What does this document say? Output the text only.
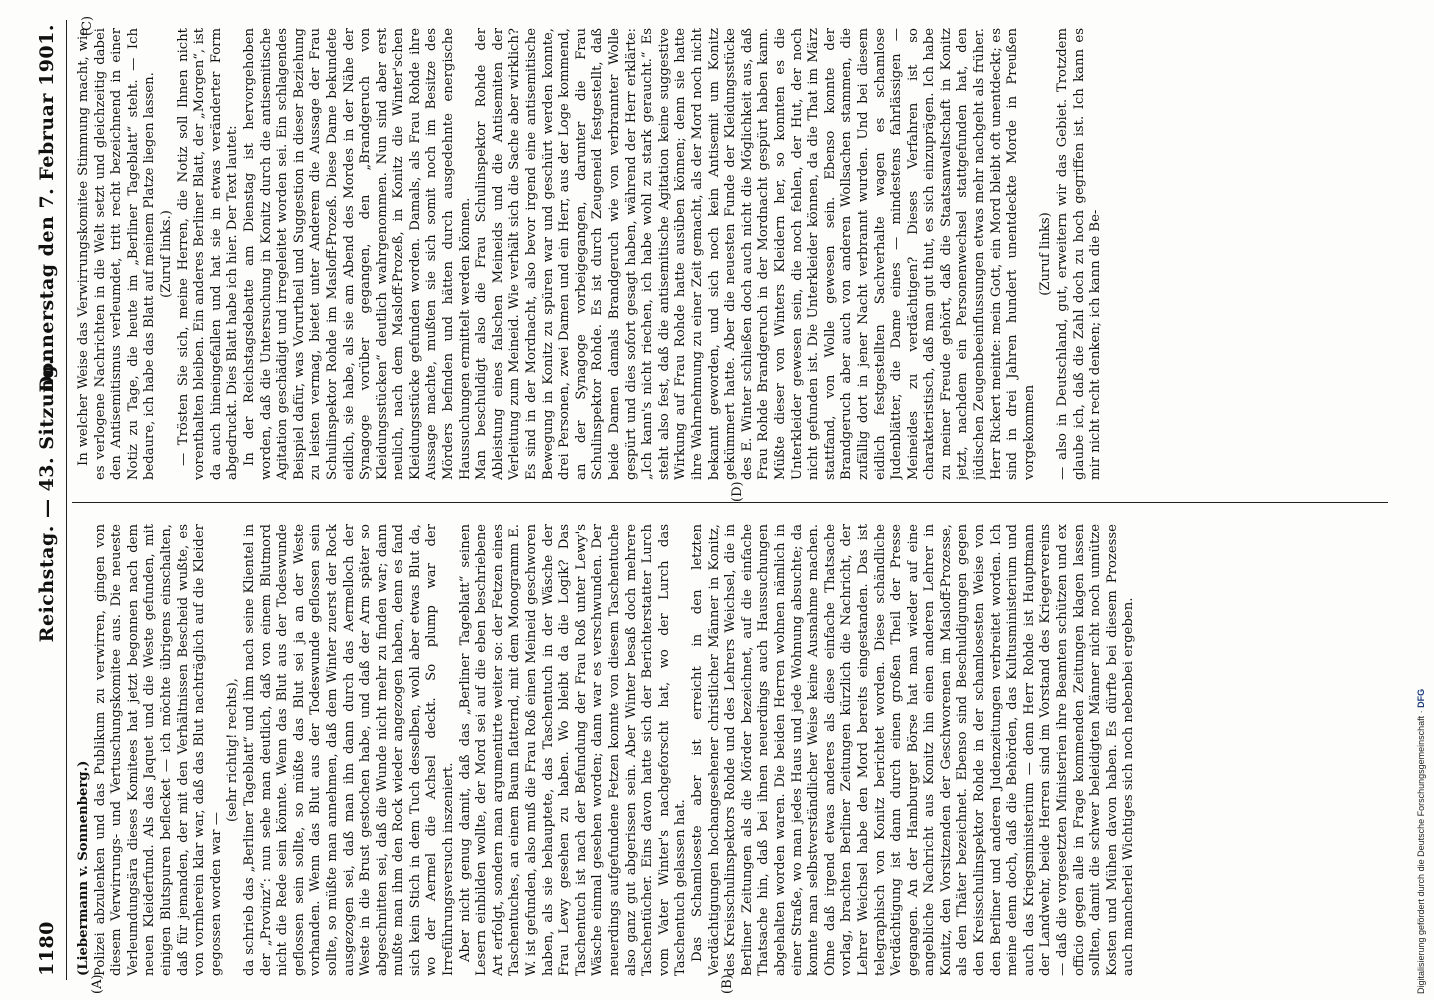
1180
Reichstag. — 43. Sitzung.
Donnerstag den 7. Februar 1901.

(Liebermann v. Sonnenberg.) Polizei abzulenken und das Publikum zu verwirren, gingen von diesem Verwirrungs- und Vertuschungskomitee aus. Die neueste Verleumdungsära dieses Komitees hat jetzt begonnen nach dem neuen Kleiderfund. Als das Jaquet und die Weste gefunden, mit einigen Blutspuren beflecket — ich möchte übrigens einschalten, daß für jemanden, der mit den Verhältnissen Bescheid wußte, es von vornherein klar war, daß das Blut nachträglich auf die Kleider gegossen worden war —

(sehr richtig! rechts), da schrieb das „Berliner Tageblatt“ und ihm nach seine Klientel in der „Provinz“: nun sehe man deutlich, daß von einem Blutmord nicht die Rede sein könnte. Wenn das Blut aus der Todeswunde geflossen sein sollte, so müßte das Blut sei ja an der Weste vorhanden. Wenn das Blut aus der Todeswunde geflossen sein sollte, so müßte man annehmen, daß dem Winter zuerst der Rock ausgezogen sei, daß man ihn dann durch das Aermelloch der Weste in die Brust gestochen habe, und daß der Arm später so abgeschnitten sei, daß die Wunde nicht mehr zu finden war; dann mußte man ihm den Rock wieder angezogen haben, denn es fand sich kein Stich in dem Tuch desselben, wohl aber etwas Blut da, wo der Aermel die Achsel deckt. So plump war der Irreführungsversuch inszeniert. Aber nicht genug damit, daß das „Berliner Tageblatt“ seinen Lesern einbilden wollte, der Mord sei auf die eben beschriebene Art erfolgt, sondern man argumentirte weiter so: der Fetzen eines Taschentuches, an einem Baum flatternd, mit dem Monogramm E. W. ist gefunden, also muß die Frau Roß einen Meineid geschworen haben, als sie behauptete, das Taschentuch in der Wäsche der Frau Lewy gesehen zu haben. Wo bleibt da die Logik? Das Taschentuch ist nach der Befundung der Frau Roß unter Lewy's Wäsche einmal gesehen worden; dann war es verschwunden. Der neuerdings aufgefundene Fetzen konnte von diesem Taschentuche also ganz gut abgerissen sein. Aber Winter besaß doch mehrere Taschentücher. Eins davon hatte sich der Berichterstatter Lurch vom Vater Winter's nachgeforscht hat, wo der Lurch das Taschentuch gelassen hat. Das Schamloseste aber ist erreicht in den letzten Verdächtigungen hochangesehener christlicher Männer in Konitz, des Kreisschulinspektors Rohde und des Lehrers Weichsel, die in Berliner Zeitungen als die Mörder bezeichnet, auf die einfache Thatsache hin, daß bei ihnen neuerdings auch Haussuchungen abgehalten worden waren. Die beiden Herren wohnen nämlich in einer Straße, wo man jedes Haus und jede Wohnung absuchte; da konnte man selbstverständlicher Weise keine Ausnahme machen. Ohne daß irgend etwas anderes als diese einfache Thatsache vorlag, brachten Berliner Zeitungen kürzlich die Nachricht, der Lehrer Weichsel habe den Mord bereits eingestanden. Das ist telegraphisch von Konitz berichtet worden. Diese schändliche Verdächtigung ist dann durch einen großen Theil der Presse gegangen. An der Hamburger Börse hat man wieder auf eine angebliche Nachricht aus Konitz hin einen anderen Lehrer in Konitz, den Vorsitzenden der Geschworenen im Masloff-Prozesse, als den Thäter bezeichnet. Ebenso sind Beschuldigungen gegen den Kreisschulinspektor Rohde in der schamlosesten Weise von den Berliner und anderen Judenzeitungen verbreitet worden. Ich meine denn doch, daß die Behörden, das Kultusministerium und auch das Kriegsministerium — denn Herr Rohde ist Hauptmann der Landwehr, beide Herren sind im Vorstand des Kriegervereins — daß die vorgesetzten Ministerien ihre Beamten schützen und ex officio gegen alle in Frage kommenden Zeitungen klagen lassen sollten, damit die schwer beleidigten Männer nicht noch unnütze Kosten und Mühen davon haben. Es dürfte bei diesem Prozesse auch mancherlei Wichtiges sich noch nebenbei ergeben.

In welcher Weise das Verwirrungskomitee Stimmung macht, wie es verlogene Nachrichten in die Welt setzt und gleichzeitig dabei den Antisemitismus verleumdet, tritt recht bezeichnend in einer Notiz zu Tage, die heute im „Berliner Tageblatt“ steht. — Ich bedaure, ich habe das Blatt auf meinem Platze liegen lassen. (Zuruf links.) — Trösten Sie sich, meine Herren, die Notiz soll Ihnen nicht vorenthalten bleiben. Ein anderes Berliner Blatt, der „Morgen“, ist da auch hineingefallen und hat sie in etwas veränderter Form abgedruckt. Dies Blatt habe ich hier. Der Text lautet: In der Reichstagsdebatte am Dienstag ist hervorgehoben worden, daß die Untersuchung in Konitz durch die antisemitische Agitation geschädigt und irregeleitet worden sei. Ein schlagendes Beispiel dafür, was Vorurtheil und Suggestion in dieser Beziehung zu leisten vermag, bietet unter Anderem die Aussage der Frau Schulinspektor Rohde im Masloff-Prozeß. Diese Dame bekundete eidlich, sie habe, als sie am Abend des Mordes in der Nähe der Synagoge vorüber gegangen, den „Brandgeruch von Kleidungsstücken“ deutlich wahrgenommen. Nun sind aber erst neulich, nach dem Masloff-Prozeß, in Konitz die Winter'schen Kleidungsstücke gefunden worden. Damals, als Frau Rohde ihre Aussage machte, mußten sie sich somit noch im Besitze des Mörders befinden und hätten durch ausgedehnte energische Haussuchungen ermittelt werden können. Man beschuldigt also die Frau Schulinspektor Rohde der Ableistung eines falschen Meineids und die Antisemiten der Verleitung zum Meineid. Wie verhält sich die Sache aber wirklich? Es sind in der Mordnacht, also bevor irgend eine antisemitische Bewegung in Konitz zu spüren war und geschürt werden konnte, drei Personen, zwei Damen und ein Herr, aus der Loge kommend, an der Synagoge vorbeigegangen, darunter die Frau Schulinspektor Rohde. Es ist durch Zeugeneid festgestellt, daß beide Damen damals Brandgeruch wie von verbrannter Wolle gespürt und dies sofort gesagt haben, während der Herr erklärte: „Ich kann's nicht riechen, ich habe wohl zu stark geraucht.“ Es steht also fest, daß die antisemitische Agitation keine suggestive Wirkung auf Frau Rohde hatte ausüben können; denn sie hatte ihre Wahrnehmung zu einer Zeit gemacht, als der Mord noch nicht bekannt geworden, und sich noch kein Antisemit um Konitz gekümmert hatte. Aber die neuesten Funde der Kleidungsstücke des E. Winter schließen doch auch nicht die Möglichkeit aus, daß Frau Rohde Brandgeruch in der Mordnacht gespürt haben kann. Müßte dieser von Winters Kleidern her, so konnten es die Unterkleider gewesen sein, die noch fehlen, der Hut, der noch nicht gefunden ist. Die Unterkleider können, da die That im März stattfand, von Wolle gewesen sein. Ebenso konnte der Brandgeruch aber auch von anderen Wollsachen stammen, die zufällig dort in jener Nacht verbrannt wurden. Und bei diesem eidlich festgestellten Sachverhalte wagen es schamlose Judenblätter, die Dame eines — mindestens fahrlässigen — Meineides zu verdächtigen? Dieses Verfahren ist so charakteristisch, daß man gut thut, es sich einzuprägen. Ich habe zu meiner Freude gehört, daß die Staatsanwaltschaft in Konitz jetzt, nachdem ein Personenwechsel stattgefunden hat, den jüdischen Zeugenbeeinflussungen etwas mehr nachgeht als früher. Herr Rickert meinte: mein Gott, ein Mord bleibt oft unentdeckt; es sind in drei Jahren hundert unentdeckte Morde in Preußen vorgekommen

(Zuruf links) — also in Deutschland, gut, erweitern wir das Gebiet. Trotzdem glaube ich, daß die Zahl doch zu hoch gegriffen ist. Ich kann es mir nicht recht denken; ich kann die Be-

(A)	(B)
(C)
(D)
Digitalisierung gefördert durch die Deutsche Forschungsgemeinschaft · DFG
